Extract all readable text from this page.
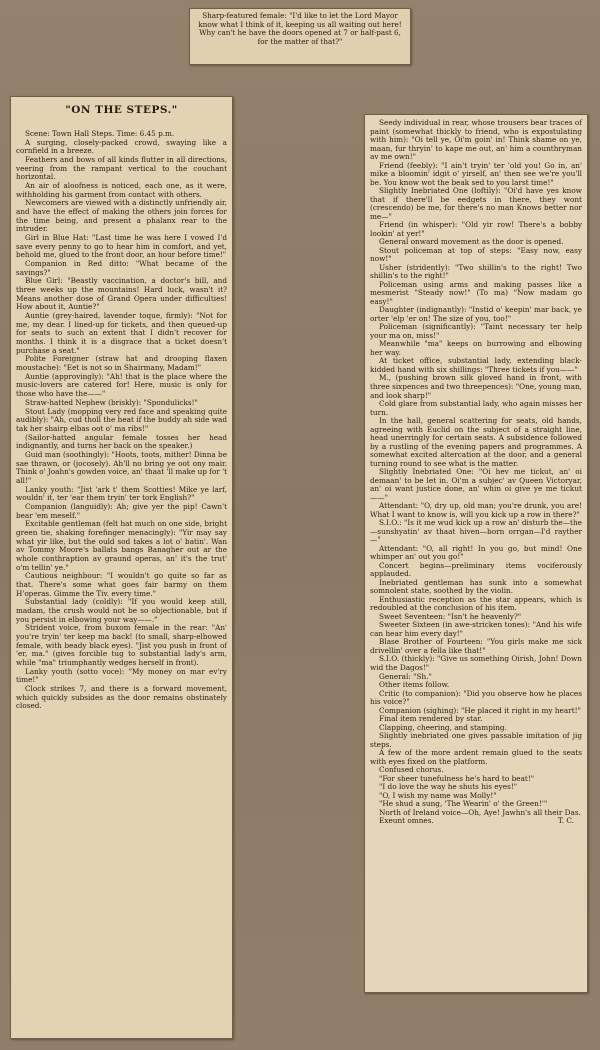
Sharp-featured female: "I'd like to let the Lord Mayor know what I think of it, keeping us all waiting out here! Why can't he have the doors opened at 7 or half-past 6, for the matter of that?"

"ON THE STEPS."

Scene: Town Hall Steps. Time: 6.45 p.m.

A surging, closely-packed crowd, swaying like a cornfield in a breeze.

Feathers and bows of all kinds flutter in all directions, veering from the rampant vertical to the couchant horizontal.

An air of aloofness is noticed, each one, as it were, withholding his garment from contact with others.

Newcomers are viewed with a distinctly unfriendly air, and have the effect of making the others join forces for the time being, and present a phalanx rear to the intruder.

Girl in Blue Hat: "Last time he was here I vowed I'd save every penny to go to hear him in comfort, and yet, behold me, glued to the front door, an hour before time!"

Companion in Red ditto: "What became of the savings?"

Blue Girl: "Beastly vaccination, a doctor's bill, and three weeks up the mountains! Hard luck, wasn't it? Means another dose of Grand Opera under difficulties! How about it, Auntie?"

Auntie (grey-haired, lavender toque, firmly): "Not for me, my dear. I lined-up for tickets, and then queued-up for seats to such an extent that I didn't recover for months. I think it is a disgrace that a ticket doesn't purchase a seat."

Polite Foreigner (straw hat and drooping flaxen moustache): "Eet is not so in Shairmany, Madam!"

Auntie (approvingly): "Ah! that is the place where the music-lovers are catered for! Here, music is only for those who have the——"

Straw-hatted Nephew (briskly): "Spondulicks!"

Stout Lady (mopping very red face and speaking quite audibly): "Ah, cud tholl the heat if the buddy ah side wad tak her shairp elbas oot o' ma ribs!"

(Sailor-hatted angular female tosses her head indignantly, and turns her back on the speaker.)

Guid man (soothingly): "Hoots, toots, mither! Dinna be sae thrawn, or (jocosely). Ah'll no bring ye oot ony mair. Think o' Joahn's gowden voice, an' thaat 'll make up for 't all!"

Lanky youth: "Jist 'ark t' them Scotties! Mike ye larf, wouldn' it, ter 'ear them tryin' ter tork English?"

Companion (languidly): Ah; give yer the pip! Cawn't bear 'em meself."

Excitable gentleman (felt hat much on one side, bright green tie, shaking forefinger menacingly): "Yir may say what yir like, but the ould sod takes a lot o' batin'. Wan av Tommy Moore's ballats bangs Banagher out ar the whole conthraption av graund operas, an' it's the trut' o'm tellin' ye."

Cautious neighbour: "I wouldn't go quite so far as that. There's some what goes fair barmy on them H'operas. Gimme the Tiv. every time."

Substantial lady (coldly): "If you would keep still, madam, the crush would not be so objectionable, but if you persist in elbowing your way——."

Strident voice, from buxom female in the rear: "An' you're tryin' ter keep ma back! (to small, sharp-elbowed female, with beady black eyes). "Jist you push in front of 'er, ma." (gives forcible tug to substantial lady's arm, while "ma" triumphantly wedges herself in front).

Lanky youth (sotto voce): "My money on mar ev'ry time!"

Clock strikes 7, and there is a forward movement, which quickly subsides as the door remains obstinately closed.

Seedy individual in rear, whose trousers bear traces of paint (somewhat thickly to friend, who is expostulating with him): "Oi tell ye, Oi'm goin' in! Think shame on ye, maan, fur thryin' to kape me out, an' him a counthryman av me own!"

Friend (feebly): "I ain't tryin' ter 'old you! Go in, an' mike a bloomin' idgit o' yirself, an' then see we're you'll be. You know wot the beak sed to you larst time!"

Slightly Inebriated One (loftily): "Oi'd have yes know that if there'll be eedgets in there, they wont (crescendo) be me, for there's no man Knows better nor me—"

Friend (in whisper): "Old yir row! There's a bobby lookin' at yer!"

General onward movement as the door is opened.

Stout policeman at top of steps: "Easy now, easy now!"

Usher (stridently): "Two shillin's to the right! Two shillin's to the right!"

Policeman using arms and making passes like a mesmerist "Steady now!" (To ma) "Now madam go easy!"

Daughter (indignantly): "Instid o' keepin' mar back, ye orter 'elp 'er on! The size of you, too!"

Policeman (significantly): "Taint necessary ter help your ma on, miss!"

Meanwhile "ma" keeps on burrowing and elbowing her way.

At ticket office, substantial lady, extending black-kidded hand with six shillings: "Three tickets if you——"

M., (pushing brown silk gloved hand in front, with three sixpences and two threepences): "One, young man, and look sharp!"

Cold glare from substantial lady, who again misses her turn.

In the hall, general scattering for seats, old hands, agreeing with Euclid on the subject of a straight line, head unerringly for certain seats. A subsidence followed by a rustling of the evening papers and programmes. A somewhat excited altercation at the door, and a general turning round to see what is the matter.

Slightly Inebriated One: "Oi hev me tickut, an' oi demaan' to be let in. Oi'm a subjec' av Queen Victoryar, an' oi want justice done, an' whin oi give ye me tickut——"

Attendant: "O, dry up, old man; you're drunk, you are! What I want to know is, will you kick up a row in there?"

S.I.O.: "Is it me wud kick up a row an' disturb the—the—sunshyatin' av thaat hiven—born orrgan—I'd rayther—"

Attendant: "O, all right! In you go, but mind! One whimper an' out you go!"

Concert begins—preliminary items vociferously applauded.

Inebriated gentleman has sunk into a somewhat somnolent state, soothed by the violin.

Enthusiastic reception as the star appears, which is redoubled at the conclusion of his item.

Sweet Seventeen: "Isn't he heavenly?"

Sweeter Sixteen (in awe-stricken tones): "And his wife can hear him every day!"

Blase Brother of Fourteen: "You girls make me sick drivellin' over a fella like that!"

S.I.O. (thickly): "Give us something Oirish, John! Down wid the Dagos!"

General: "Sh."

Other items follow.

Critic (to companion): "Did you observe how he places his voice?"

Companion (sighing): "He placed it right in my heart!"

Final item rendered by star.

Clapping, cheering, and stamping.

Slightly inebriated one gives passable imitation of jig steps.

A few of the more ardent remain glued to the seats with eyes fixed on the platform.

Confused chorus.

"For sheer tunefulness he's hard to beat!"

"I do love the way he shuts his eyes!"

"O, I wish my name was Molly!"

"He shud a sung, 'The Wearin' o' the Green!'"

North of Ireland voice—Oh, Aye! Jawhn's all their Das.

Exeunt omnes.	T. C.
